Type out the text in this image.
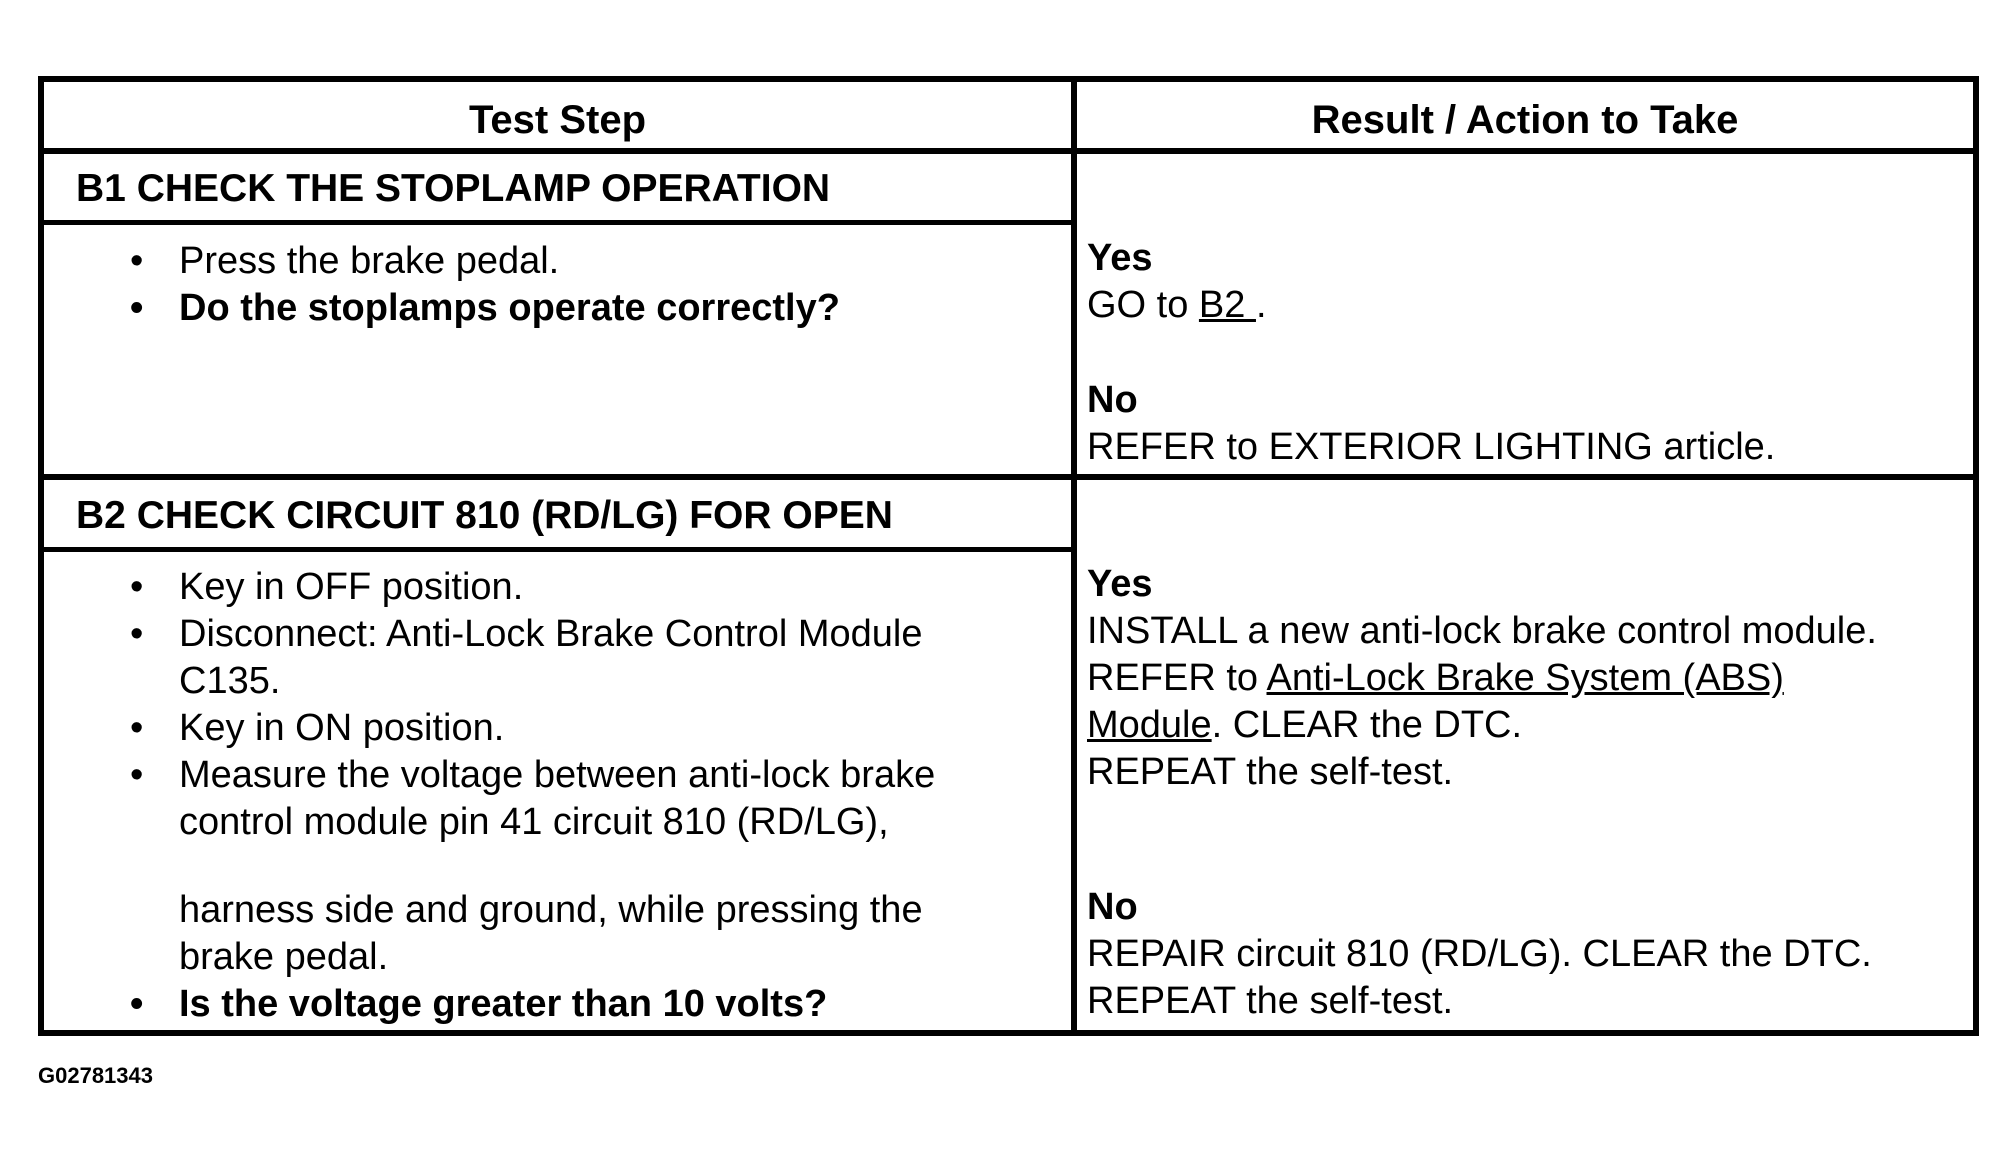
Test Step	Result / Action to Take
B1 CHECK THE STOPLAMP OPERATION
• Press the brake pedal.
• Do the stoplamps operate correctly?
Yes
GO to B2 .
No
REFER to EXTERIOR LIGHTING article.
B2 CHECK CIRCUIT 810 (RD/LG) FOR OPEN
• Key in OFF position.
• Disconnect: Anti-Lock Brake Control Module
C135.
• Key in ON position.
• Measure the voltage between anti-lock brake
control module pin 41 circuit 810 (RD/LG),
harness side and ground, while pressing the
brake pedal.
• Is the voltage greater than 10 volts?
Yes
INSTALL a new anti-lock brake control module.
REFER to Anti-Lock Brake System (ABS)
Module. CLEAR the DTC.
REPEAT the self-test.
No
REPAIR circuit 810 (RD/LG). CLEAR the DTC.
REPEAT the self-test.
G02781343
